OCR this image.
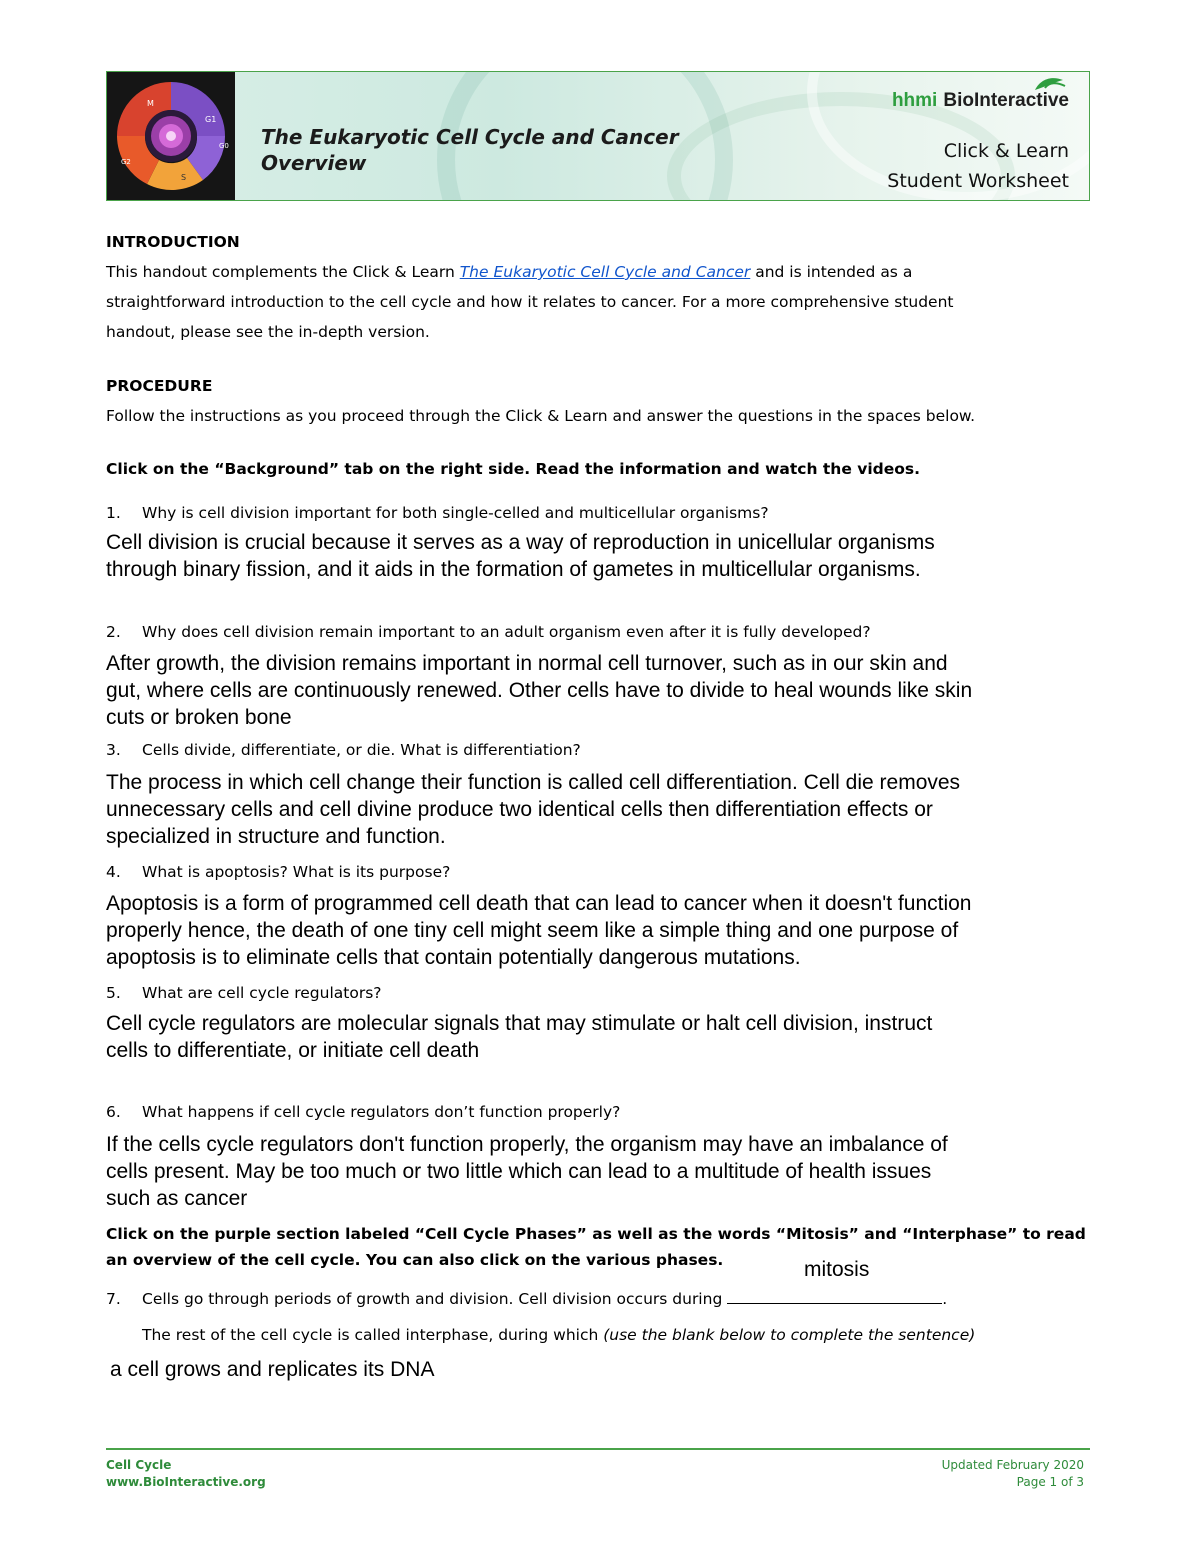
M
G1
G0
S
G2
The Eukaryotic Cell Cycle and Cancer
Overview
hhmi BioInteractive
Click & Learn
Student Worksheet
INTRODUCTION
This handout complements the Click & Learn The Eukaryotic Cell Cycle and Cancer and is intended as a
straightforward introduction to the cell cycle and how it relates to cancer. For a more comprehensive student
handout, please see the in-depth version.
PROCEDURE
Follow the instructions as you proceed through the Click & Learn and answer the questions in the spaces below.
Click on the “Background” tab on the right side. Read the information and watch the videos.
1. Why is cell division important for both single-celled and multicellular organisms?
Cell division is crucial because it serves as a way of reproduction in unicellular organisms
through binary fission, and it aids in the formation of gametes in multicellular organisms.
2. Why does cell division remain important to an adult organism even after it is fully developed?
After growth, the division remains important in normal cell turnover, such as in our skin and
gut, where cells are continuously renewed. Other cells have to divide to heal wounds like skin
cuts or broken bone
3. Cells divide, differentiate, or die. What is differentiation?
The process in which cell change their function is called cell differentiation. Cell die removes
unnecessary cells and cell divine produce two identical cells then differentiation effects or
specialized in structure and function.
4. What is apoptosis? What is its purpose?
Apoptosis is a form of programmed cell death that can lead to cancer when it doesn't function
properly hence, the death of one tiny cell might seem like a simple thing and one purpose of
apoptosis is to eliminate cells that contain potentially dangerous mutations.
5. What are cell cycle regulators?
Cell cycle regulators are molecular signals that may stimulate or halt cell division, instruct
cells to differentiate, or initiate cell death
6. What happens if cell cycle regulators don’t function properly?
If the cells cycle regulators don't function properly, the organism may have an imbalance of
cells present. May be too much or two little which can lead to a multitude of health issues
such as cancer
Click on the purple section labeled “Cell Cycle Phases” as well as the words “Mitosis” and “Interphase” to read
an overview of the cell cycle. You can also click on the various phases.	mitosis
7. Cells go through periods of growth and division. Cell division occurs during	.
The rest of the cell cycle is called interphase, during which (use the blank below to complete the sentence)
a cell grows and replicates its DNA
Cell Cycle
www.BioInteractive.org
Updated February 2020
Page 1 of 3
